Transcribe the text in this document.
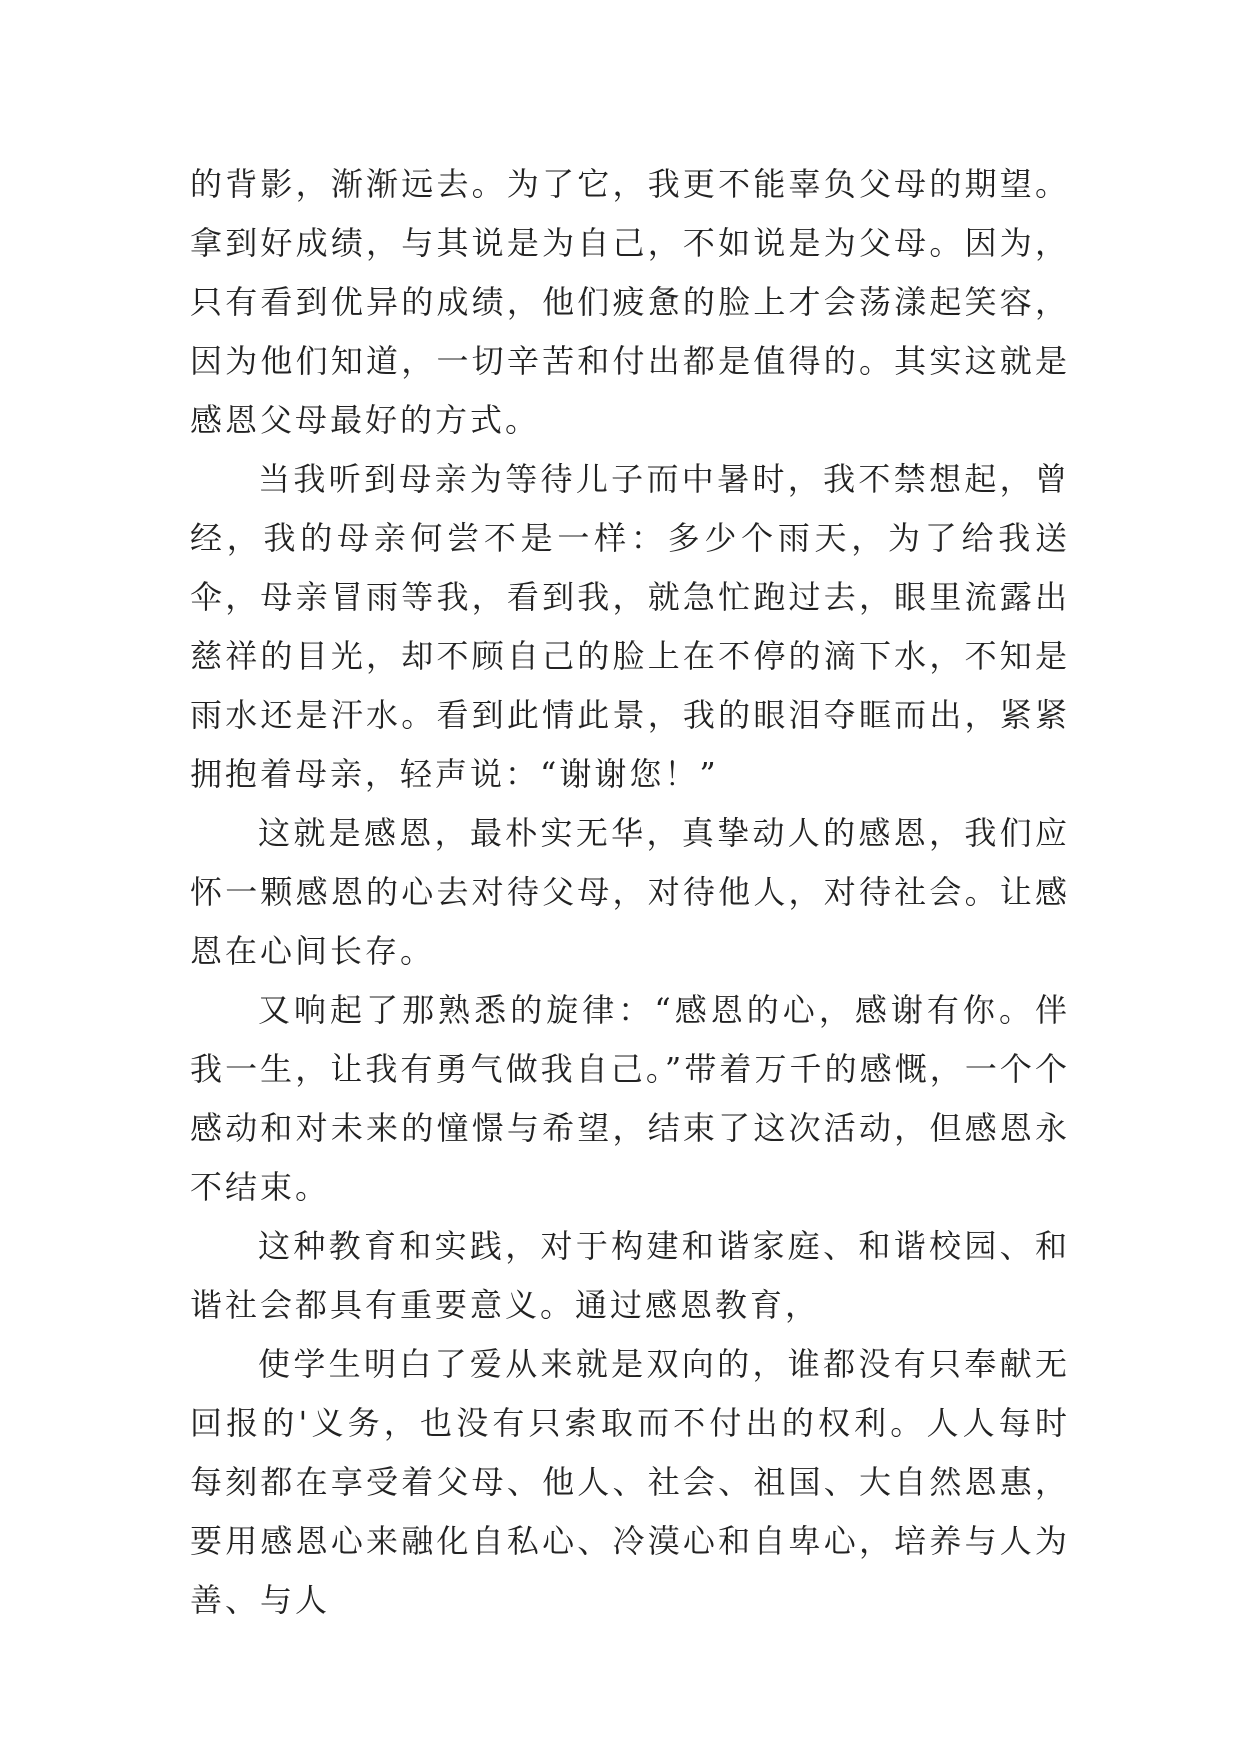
的背影，渐渐远去。为了它，我更不能辜负父母的期望。拿到好成绩，与其说是为自己，不如说是为父母。因为，只有看到优异的成绩，他们疲惫的脸上才会荡漾起笑容，因为他们知道，一切辛苦和付出都是值得的。其实这就是感恩父母最好的方式。

当我听到母亲为等待儿子而中暑时，我不禁想起，曾经，我的母亲何尝不是一样：多少个雨天，为了给我送伞，母亲冒雨等我，看到我，就急忙跑过去，眼里流露出慈祥的目光，却不顾自己的脸上在不停的滴下水，不知是雨水还是汗水。看到此情此景，我的眼泪夺眶而出，紧紧拥抱着母亲，轻声说：“谢谢您！”

这就是感恩，最朴实无华，真挚动人的感恩，我们应怀一颗感恩的心去对待父母，对待他人，对待社会。让感恩在心间长存。

又响起了那熟悉的旋律：“感恩的心，感谢有你。伴我一生，让我有勇气做我自己。”带着万千的感慨，一个个感动和对未来的憧憬与希望，结束了这次活动，但感恩永不结束。

这种教育和实践，对于构建和谐家庭、和谐校园、和谐社会都具有重要意义。通过感恩教育，

使学生明白了爱从来就是双向的，谁都没有只奉献无回报的'义务，也没有只索取而不付出的权利。人人每时每刻都在享受着父母、他人、社会、祖国、大自然恩惠，要用感恩心来融化自私心、冷漠心和自卑心，培养与人为善、与人
